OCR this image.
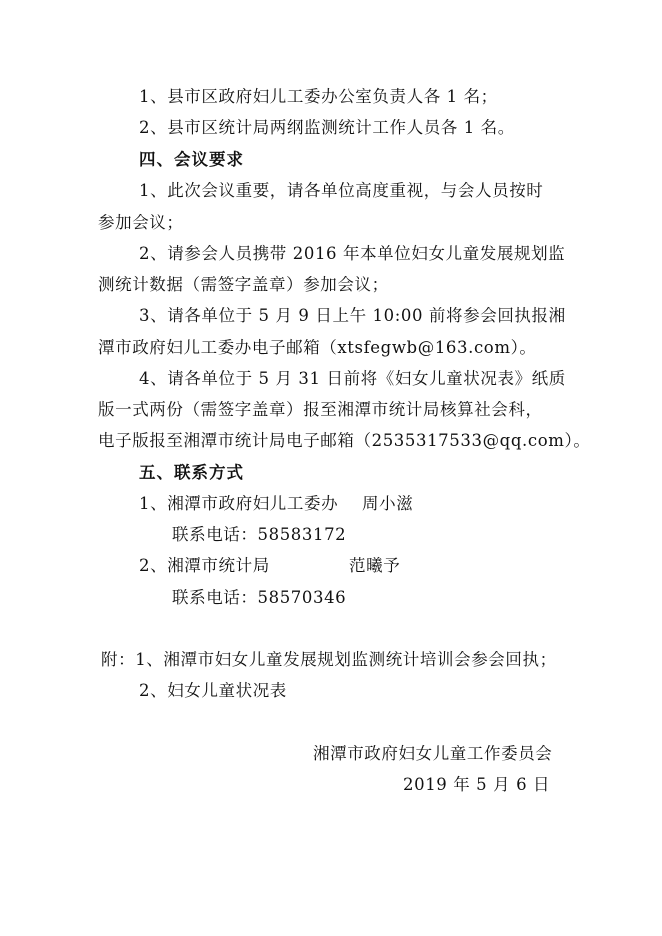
1、县市区政府妇儿工委办公室负责人各 1 名；
2、县市区统计局两纲监测统计工作人员各 1 名。
四、会议要求
1、此次会议重要，请各单位高度重视，与会人员按时
参加会议；
2、请参会人员携带 2016 年本单位妇女儿童发展规划监
测统计数据（需签字盖章）参加会议；
3、请各单位于 5 月 9 日上午 10:00 前将参会回执报湘
潭市政府妇儿工委办电子邮箱（xtsfegwb@163.com）。
4、请各单位于 5 月 31 日前将《妇女儿童状况表》纸质
版一式两份（需签字盖章）报至湘潭市统计局核算社会科，
电子版报至湘潭市统计局电子邮箱（2535317533@qq.com）。
五、联系方式
1、湘潭市政府妇儿工委办 周小滋
联系电话：58583172
2、湘潭市统计局	范曦予
联系电话：58570346
附：1、湘潭市妇女儿童发展规划监测统计培训会参会回执；
2、妇女儿童状况表
湘潭市政府妇女儿童工作委员会
2019 年 5 月 6 日
